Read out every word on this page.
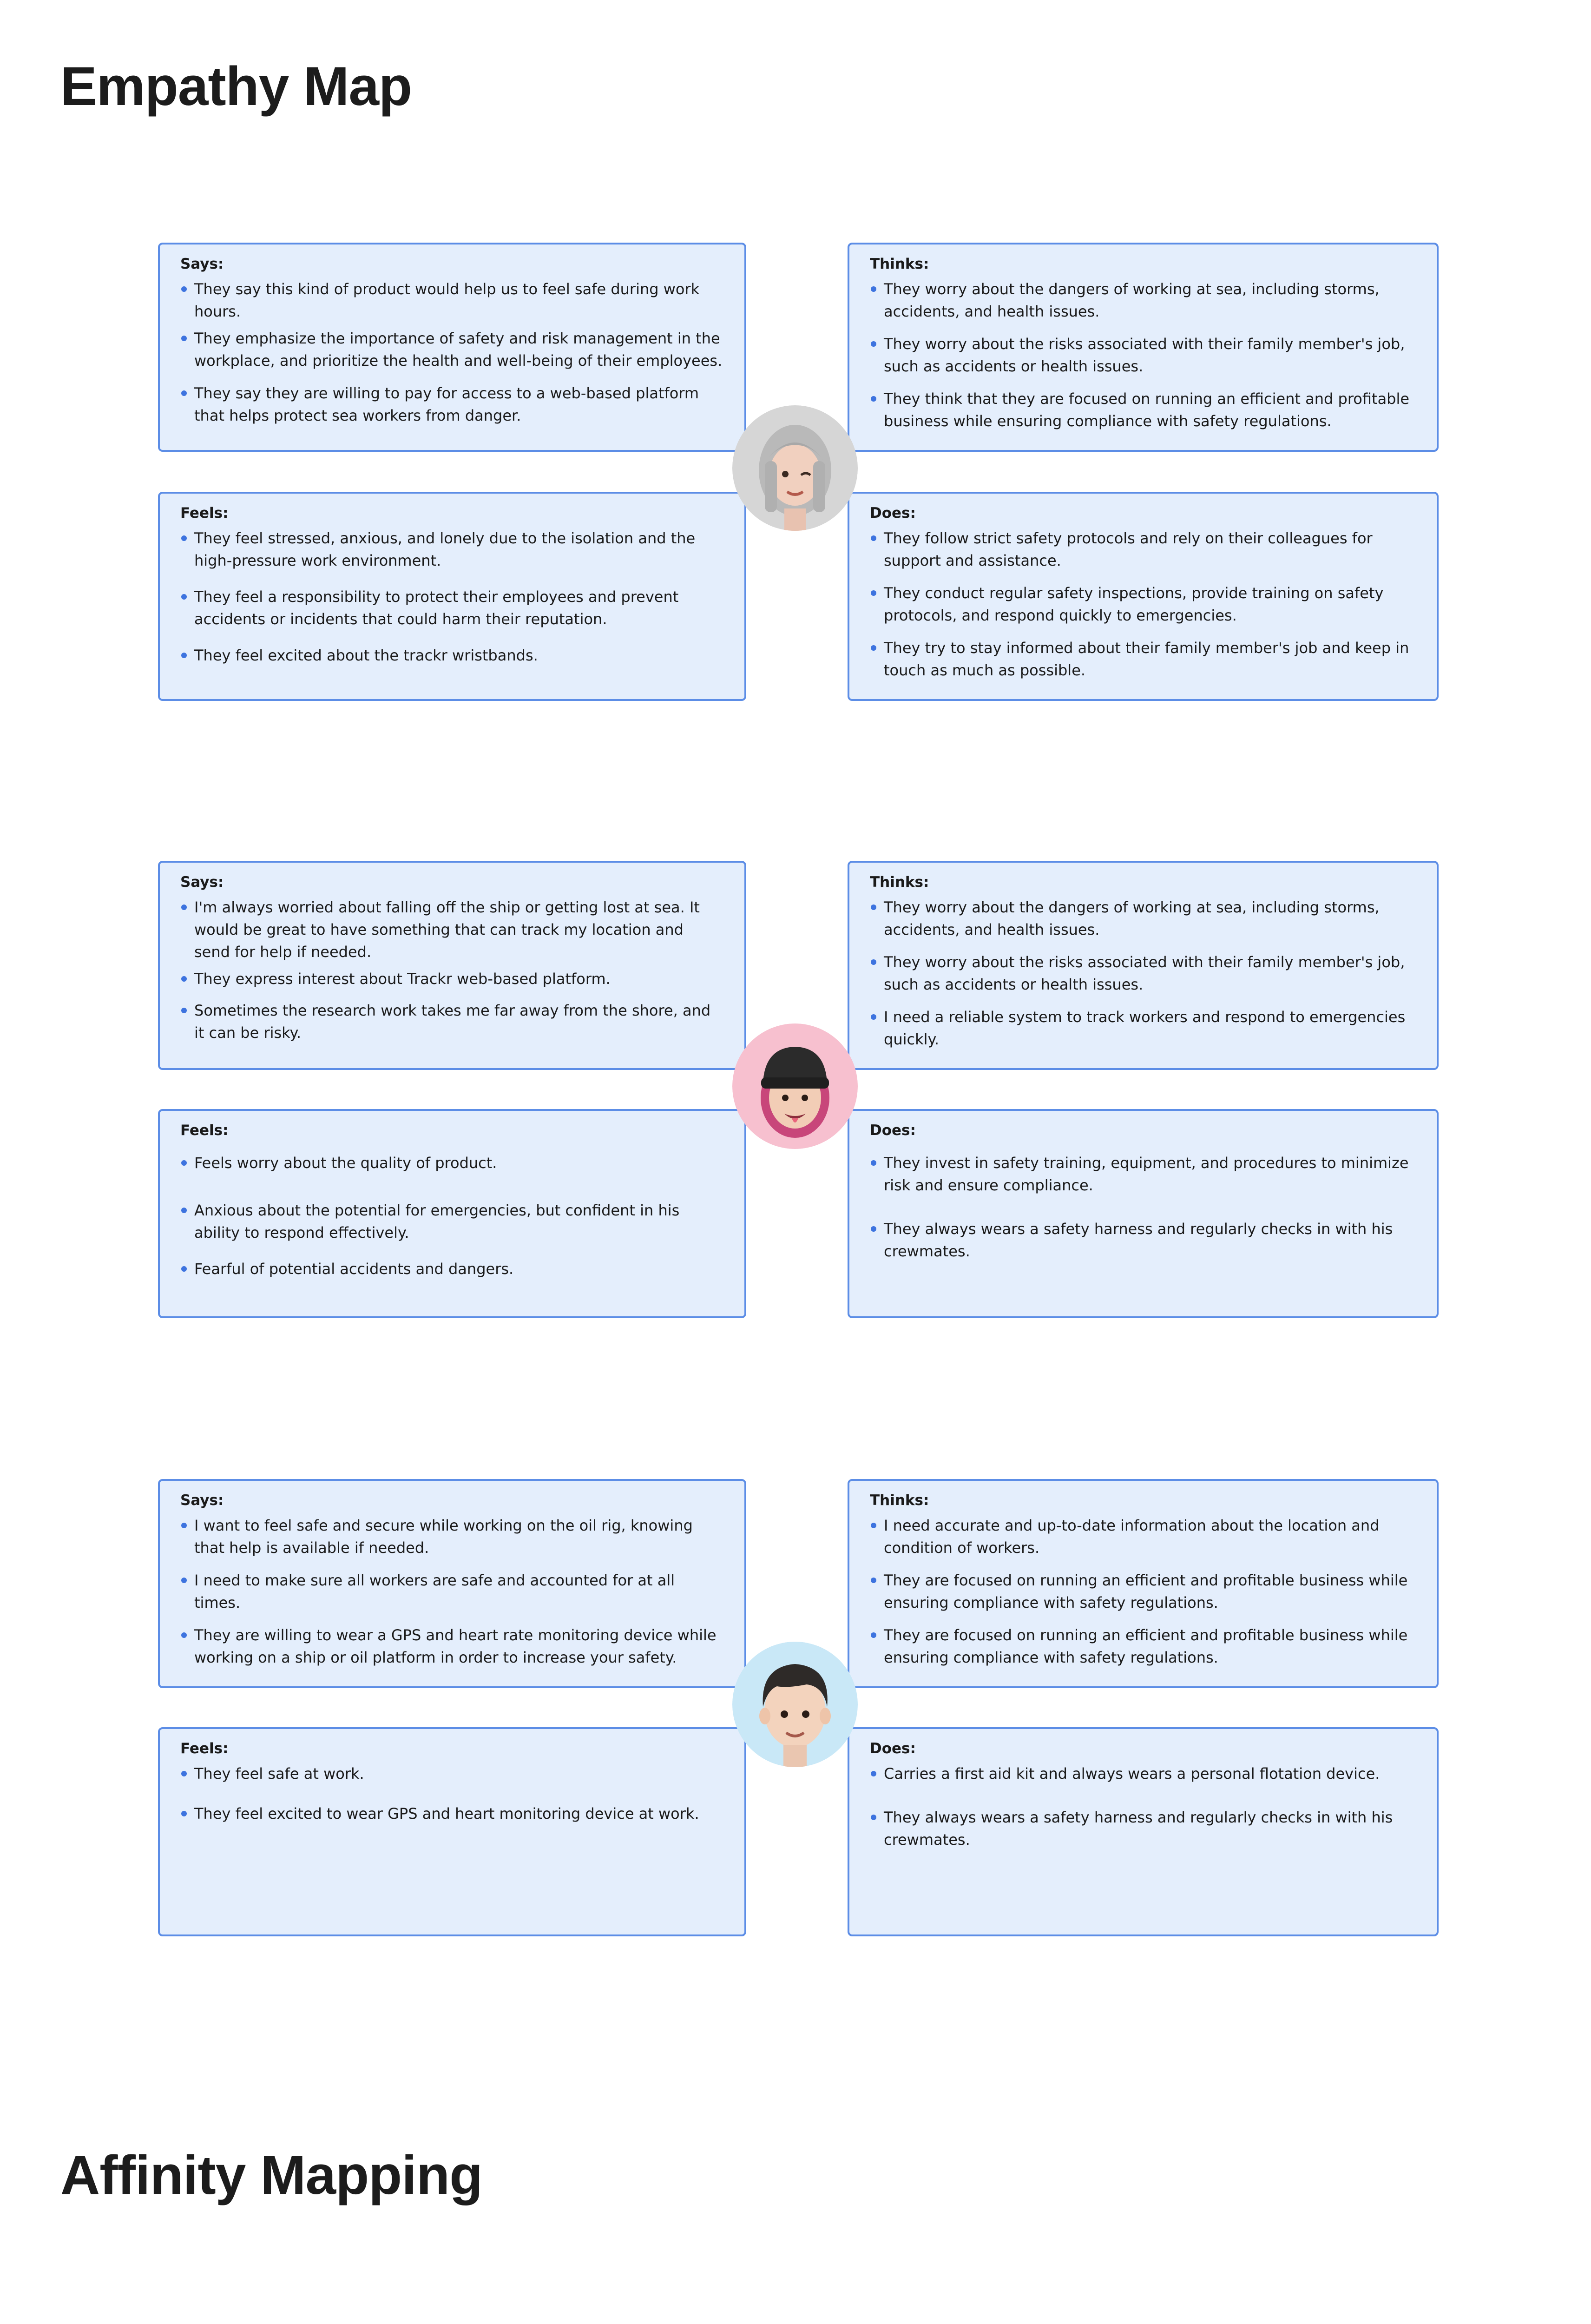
Empathy Map
Says:
They say this kind of product would help us to feel safe during work hours.
They emphasize the importance of safety and risk management in the workplace, and prioritize the health and well-being of their employees.
They say they are willing to pay for access to a web-based platform that helps protect sea workers from danger.
Thinks:
They worry about the dangers of working at sea, including storms, accidents, and health issues.
They worry about the risks associated with their family member's job, such as accidents or health issues.
They think that they are focused on running an efficient and profitable business while ensuring compliance with safety regulations.
Feels:
They feel stressed, anxious, and lonely due to the isolation and the high-pressure work environment.
They feel a responsibility to protect their employees and prevent accidents or incidents that could harm their reputation.
They feel excited about the trackr wristbands.
Does:
They follow strict safety protocols and rely on their colleagues for support and assistance.
They conduct regular safety inspections, provide training on safety protocols, and respond quickly to emergencies.
They try to stay informed about their family member's job and keep in touch as much as possible.
Says:
I'm always worried about falling off the ship or getting lost at sea. It would be great to have something that can track my location and send for help if needed.
They express interest about Trackr web-based platform.
Sometimes the research work takes me far away from the shore, and it can be risky.
Thinks:
They worry about the dangers of working at sea, including storms, accidents, and health issues.
They worry about the risks associated with their family member's job, such as accidents or health issues.
I need a reliable system to track workers and respond to emergencies quickly.
Feels:
Feels worry about the quality of product.
Anxious about the potential for emergencies, but confident in his ability to respond effectively.
Fearful of potential accidents and dangers.
Does:
They invest in safety training, equipment, and procedures to minimize risk and ensure compliance.
They always wears a safety harness and regularly checks in with his crewmates.
Says:
I want to feel safe and secure while working on the oil rig, knowing that help is available if needed.
I need to make sure all workers are safe and accounted for at all times.
They are willing to wear a GPS and heart rate monitoring device while working on a ship or oil platform in order to increase your safety.
Thinks:
I need accurate and up-to-date information about the location and condition of workers.
They are focused on running an efficient and profitable business while ensuring compliance with safety regulations.
They are focused on running an efficient and profitable business while ensuring compliance with safety regulations.
Feels:
They feel safe at work.
They feel excited to wear GPS and heart monitoring device at work.
Does:
Carries a first aid kit and always wears a personal flotation device.
They always wears a safety harness and regularly checks in with his crewmates.
Affinity Mapping
